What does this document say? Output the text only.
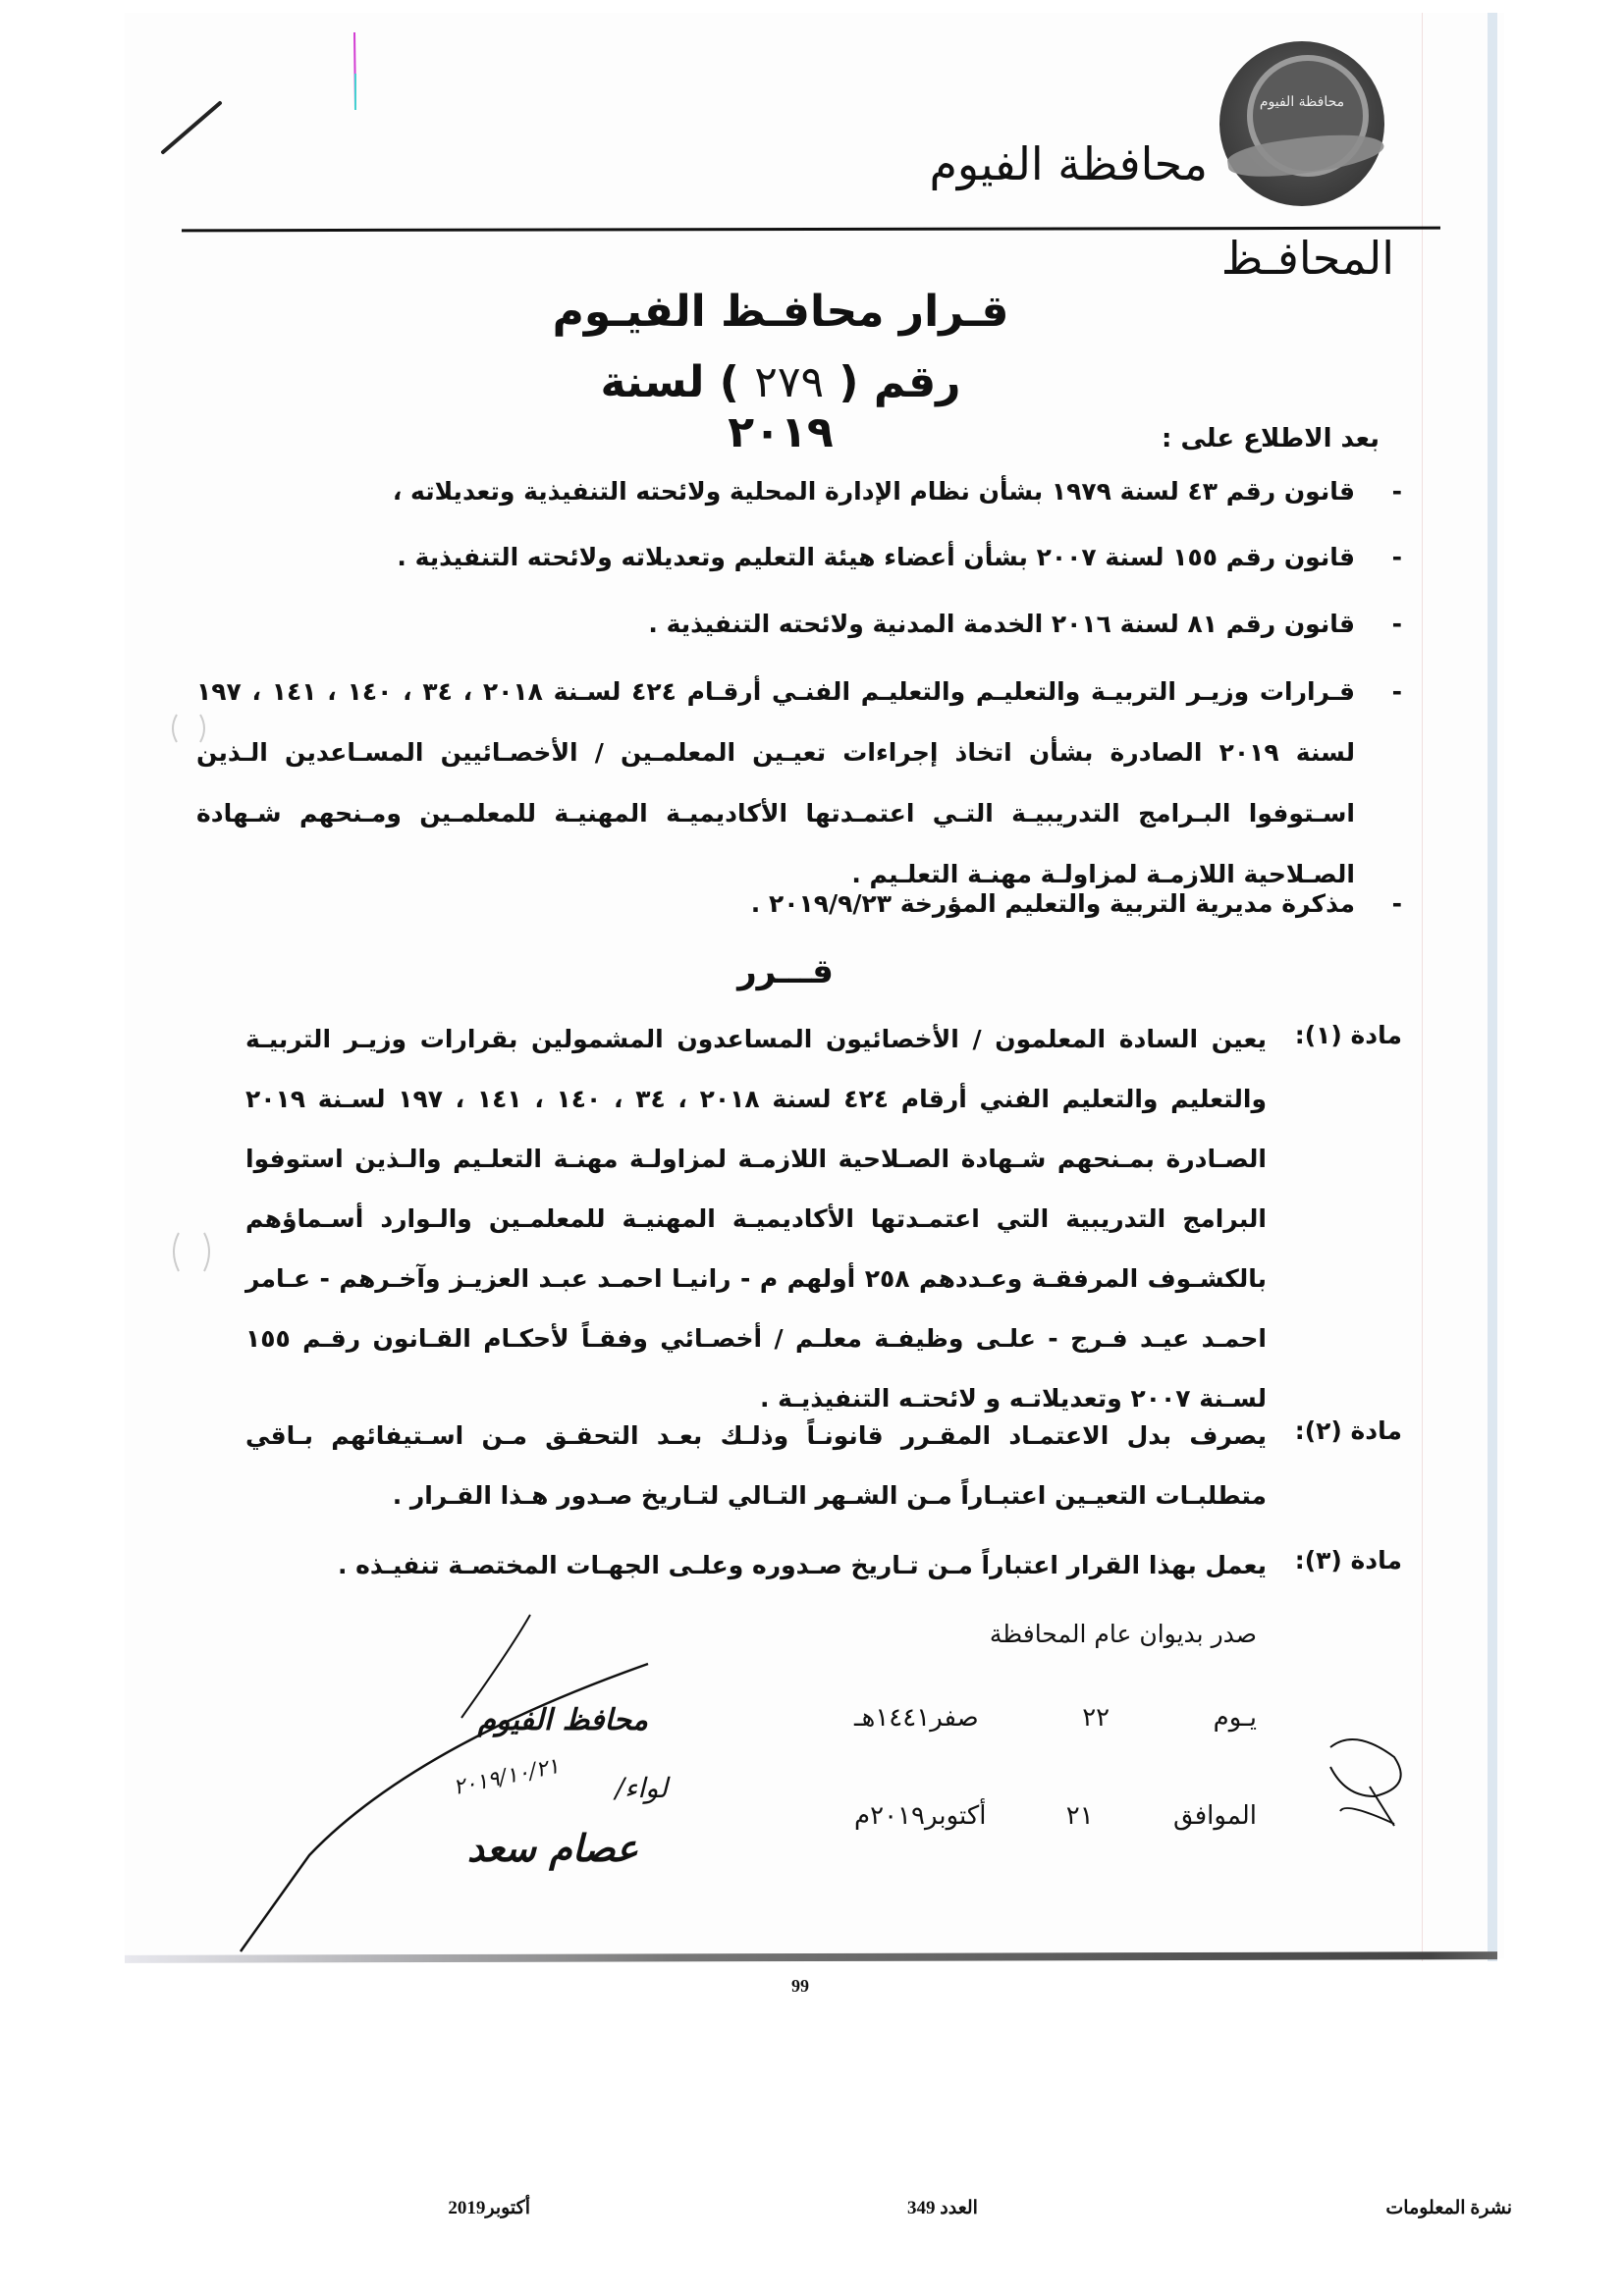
محافظة الفيوم
محافظة الفيوم
المحافـظ
قـرار محافـظ الفيـوم
رقم ( ٢٧٩ ) لسنة ٢٠١٩	بعد الاطلاع على :
-
قانون رقم ٤٣ لسنة ١٩٧٩ بشأن نظام الإدارة المحلية ولائحته التنفيذية وتعديلاته ،
-
قانون رقم ١٥٥ لسنة ٢٠٠٧ بشأن أعضاء هيئة التعليم وتعديلاته ولائحته التنفيذية .
-
قانون رقم ٨١ لسنة ٢٠١٦ الخدمة المدنية ولائحته التنفيذية .
-
قـرارات وزيـر التربيـة والتعليـم والتعليـم الفنـي أرقـام ٤٢٤ لسـنة ٢٠١٨ ، ٣٤ ، ١٤٠ ، ١٤١ ، ١٩٧ لسنة ٢٠١٩ الصادرة بشأن اتخاذ إجراءات تعيـين المعلمـين / الأخصـائيين المسـاعدين الـذين اسـتوفوا البـرامج التدريبيـة التـي اعتمـدتها الأكاديميـة المهنيـة للمعلمـين ومـنحهم شـهادة الصـلاحية اللازمـة لمزاولـة مهنـة التعلـيم .
-
مذكرة مديرية التربية والتعليم المؤرخة ٢٠١٩/٩/٢٣ .
قـــرر
مادة (١):
يعين السادة المعلمون / الأخصائيون المساعدون المشمولين بقرارات وزيـر التربيـة والتعليم والتعليم الفني أرقام ٤٢٤ لسنة ٢٠١٨ ، ٣٤ ، ١٤٠ ، ١٤١ ، ١٩٧ لسـنة ٢٠١٩ الصـادرة بمـنحهم شـهادة الصـلاحية اللازمـة لمزاولـة مهنـة التعلـيم والـذين استوفوا البرامج التدريبية التي اعتمـدتها الأكاديميـة المهنيـة للمعلمـين والـوارد أسـماؤهم بالكشـوف المرفقـة وعـددهم ٢٥٨ أولهم م - رانيـا احمـد عبـد العزيـز وآخـرهم - عـامر احمـد عيـد فـرج - علـى وظيفـة معلـم / أخصـائي وفقـاً لأحكـام القـانون رقـم ١٥٥ لسـنة ٢٠٠٧ وتعديلاتـه و لائحتـه التنفيذيـة .
مادة (٢):
يصرف بدل الاعتمـاد المقـرر قانونـاً وذلـك بعـد التحقـق مـن اسـتيفائهم بـاقي متطلبـات التعيـين اعتبـاراً مـن الشـهر التـالي لتـاريخ صـدور هـذا القـرار .
مادة (٣):
يعمل بهذا القرار اعتباراً مـن تـاريخ صـدوره وعلـى الجهـات المختصـة تنفيـذه .
صدر بديوان عام المحافظة
يـوم
٢٢
صفر١٤٤١هـ
الموافق
٢١
أكتوبر٢٠١٩م
محافظ الفيوم
لواء/
٢٠١٩/١٠/٢١
عصام سعد
99
نشرة المعلومات
العدد 349
أكتوبر2019
